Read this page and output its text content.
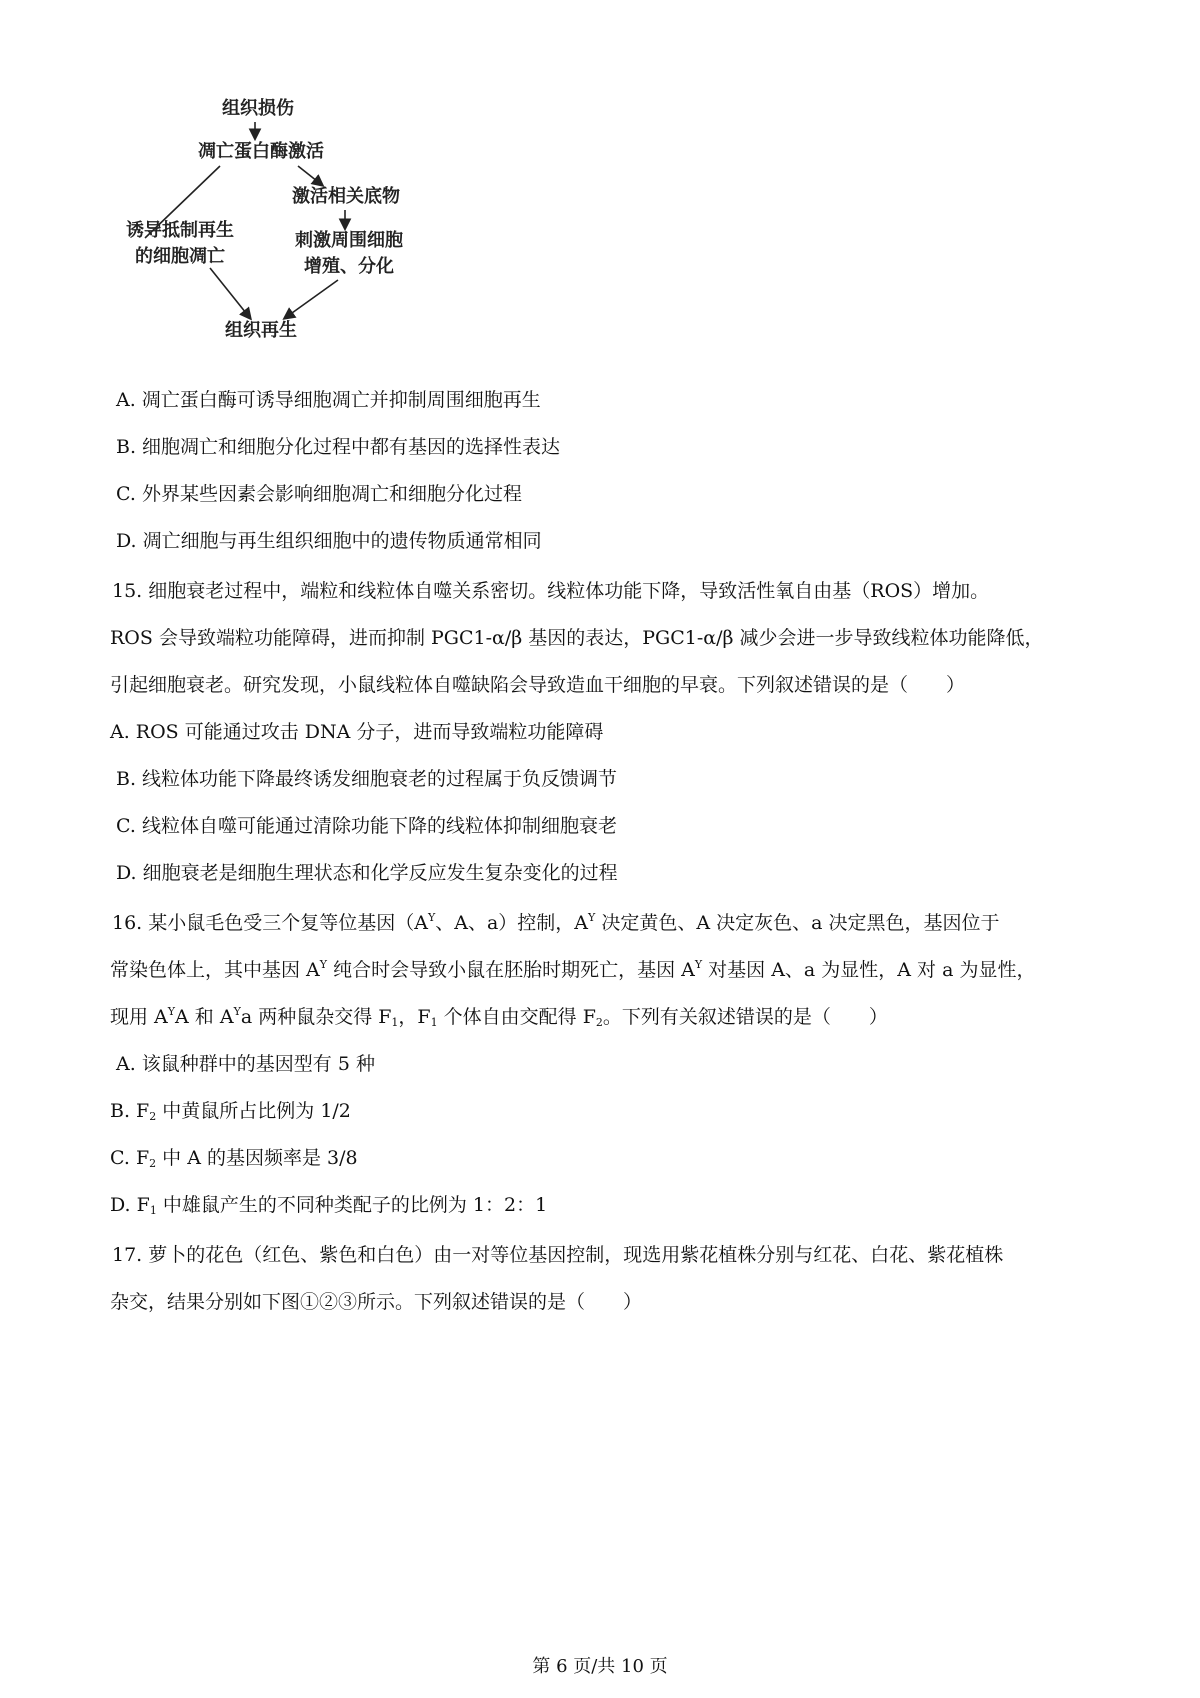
组织损伤
凋亡蛋白酶激活
激活相关底物
诱导抵制再生
的细胞凋亡
刺激周围细胞
增殖、分化
组织再生
A. 凋亡蛋白酶可诱导细胞凋亡并抑制周围细胞再生
B. 细胞凋亡和细胞分化过程中都有基因的选择性表达
C. 外界某些因素会影响细胞凋亡和细胞分化过程
D. 凋亡细胞与再生组织细胞中的遗传物质通常相同
15. 细胞衰老过程中，端粒和线粒体自噬关系密切。线粒体功能下降，导致活性氧自由基（ROS）增加。
ROS 会导致端粒功能障碍，进而抑制 PGC1-α/β 基因的表达，PGC1-α/β 减少会进一步导致线粒体功能降低，
引起细胞衰老。研究发现，小鼠线粒体自噬缺陷会导致造血干细胞的早衰。下列叙述错误的是（　　）
A. ROS 可能通过攻击 DNA 分子，进而导致端粒功能障碍
B. 线粒体功能下降最终诱发细胞衰老的过程属于负反馈调节
C. 线粒体自噬可能通过清除功能下降的线粒体抑制细胞衰老
D. 细胞衰老是细胞生理状态和化学反应发生复杂变化的过程
16. 某小鼠毛色受三个复等位基因（$A^Y$、A、a）控制，$A^Y$ 决定黄色、A 决定灰色、a 决定黑色，基因位于
常染色体上，其中基因 $A^Y$ 纯合时会导致小鼠在胚胎时期死亡，基因 $A^Y$ 对基因 A、a 为显性，A 对 a 为显性，
现用 $A^YA$ 和 $A^Ya$ 两种鼠杂交得 $F_1$，$F_1$ 个体自由交配得 $F_2$。下列有关叙述错误的是（　　）
A. 该鼠种群中的基因型有 5 种
B. $F_2$ 中黄鼠所占比例为 1/2
C. $F_2$ 中 A 的基因频率是 3/8
D. $F_1$ 中雄鼠产生的不同种类配子的比例为 1：2：1
17. 萝卜的花色（红色、紫色和白色）由一对等位基因控制，现选用紫花植株分别与红花、白花、紫花植株
杂交，结果分别如下图①②③所示。下列叙述错误的是（　　）
第 6 页/共 10 页
